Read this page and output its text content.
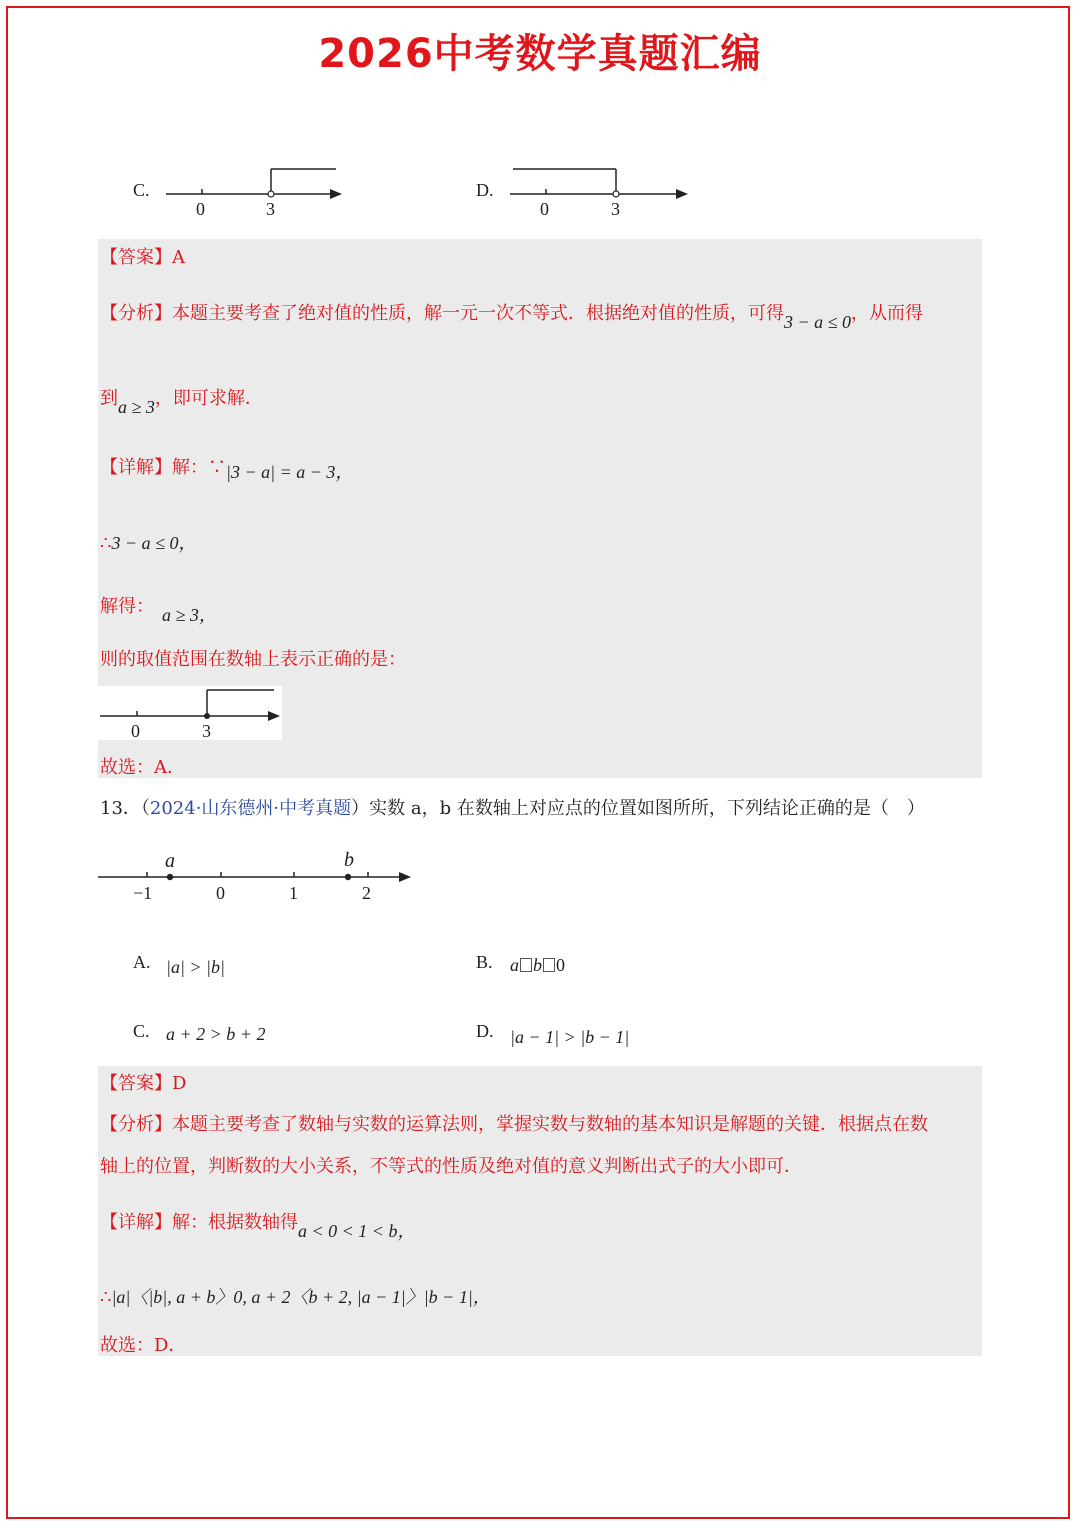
2026中考数学真题汇编
C.
0	3
D.
0	3
【答案】A
【分析】本题主要考查了绝对值的性质，解一元一次不等式．根据绝对值的性质，可得3 − a ≤ 0，从而得
到a ≥ 3，即可求解．
【详解】解：∵|3 − a| = a − 3，
∴3 − a ≤ 0，
解得： a ≥ 3，
则的取值范围在数轴上表示正确的是：
0	3
故选：A．
13．（2024·山东德州·中考真题）实数 a，b 在数轴上对应点的位置如图所所，下列结论正确的是（　）
a	b
−1	0	1	2
A. |a| > |b|	B. a b 0
C. a + 2 > b + 2	D. |a − 1| > |b − 1|
【答案】D
【分析】本题主要考查了数轴与实数的运算法则，掌握实数与数轴的基本知识是解题的关键．根据点在数
轴上的位置，判断数的大小关系，不等式的性质及绝对值的意义判断出式子的大小即可．
【详解】解：根据数轴得a < 0 < 1 < b，
∴|a|〈|b|, a + b〉0, a + 2〈b + 2, |a − 1|〉|b − 1|，
故选：D．
